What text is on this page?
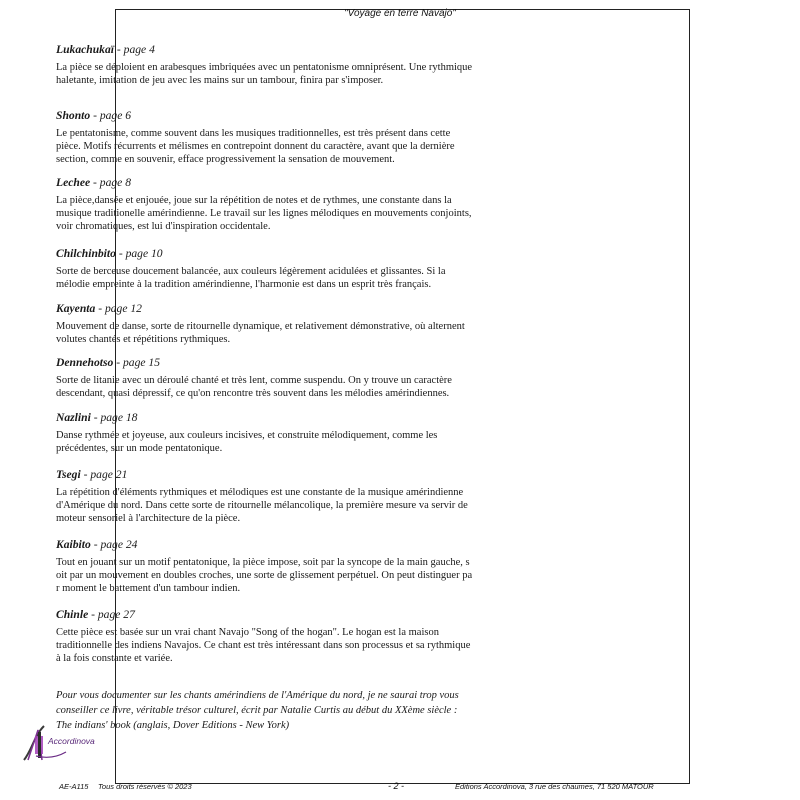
"Voyage en terre Navajo"
Lukachukaï - page 4

La pièce se déploient en arabesques imbriquées avec un pentatonisme omniprésent. Une rythmique
haletante, imitation de jeu avec les mains sur un tambour, finira par s'imposer.

Shonto - page 6

Le pentatonisme, comme souvent dans les musiques traditionnelles, est très présent dans cette
pièce. Motifs récurrents et mélismes en contrepoint donnent du caractère, avant que la dernière
section, comme en souvenir, efface progressivement la sensation de mouvement.

Lechee - page 8

La pièce,dansée et enjouée, joue sur la répétition de notes et de rythmes, une constante dans la
musique traditionelle amérindienne. Le travail sur les lignes mélodiques en mouvements conjoints,
voir chromatiques, est lui d'inspiration occidentale.

Chilchinbito - page 10

Sorte de berceuse doucement balancée, aux couleurs légèrement acidulées et glissantes. Si la
mélodie empreinte à la tradition amérindienne, l'harmonie est dans un esprit très français.

Kayenta - page 12

Mouvement de danse, sorte de ritournelle dynamique, et relativement démonstrative, où alternent
volutes chantés et répétitions rythmiques.

Dennehotso - page 15

Sorte de litanie avec un déroulé chanté et très lent, comme suspendu. On y trouve un caractère
descendant, quasi dépressif, ce qu'on rencontre très souvent dans les mélodies amérindiennes.

Nazlini - page 18

Danse rythmée et joyeuse, aux couleurs incisives, et construite mélodiquement, comme les
précédentes, sur un mode pentatonique.

Tsegi - page 21

La répétition d'éléments rythmiques et mélodiques est une constante de la musique amérindienne
d'Amérique du nord. Dans cette sorte de ritournelle mélancolique, la première mesure va servir de
moteur sensoriel à l'architecture de la pièce.

Kaibito - page 24

Tout en jouant sur un motif pentatonique, la pièce impose, soit par la syncope de la main gauche, s
oit par un mouvement en doubles croches, une sorte de glissement perpétuel. On peut distinguer pa
r moment le battement d'un tambour indien.

Chinle - page 27

Cette pièce est basée sur un vrai chant Navajo "Song of the hogan". Le hogan est la maison
traditionnelle des indiens Navajos. Ce chant est très intéressant dans son processus et sa rythmique
à la fois constante et variée.

Pour vous documenter sur les chants amérindiens de l'Amérique du nord, je ne saurai trop vous
conseiller ce livre, véritable trésor culturel, écrit par Natalie Curtis au début du XXème siècle :
The indians' book (anglais, Dover Editions - New York)
Accordinova
AE-A115 Tous droits réservés © 2023	- 2 -	Editions Accordinova, 3 rue des chaumes, 71 520 MATOUR
